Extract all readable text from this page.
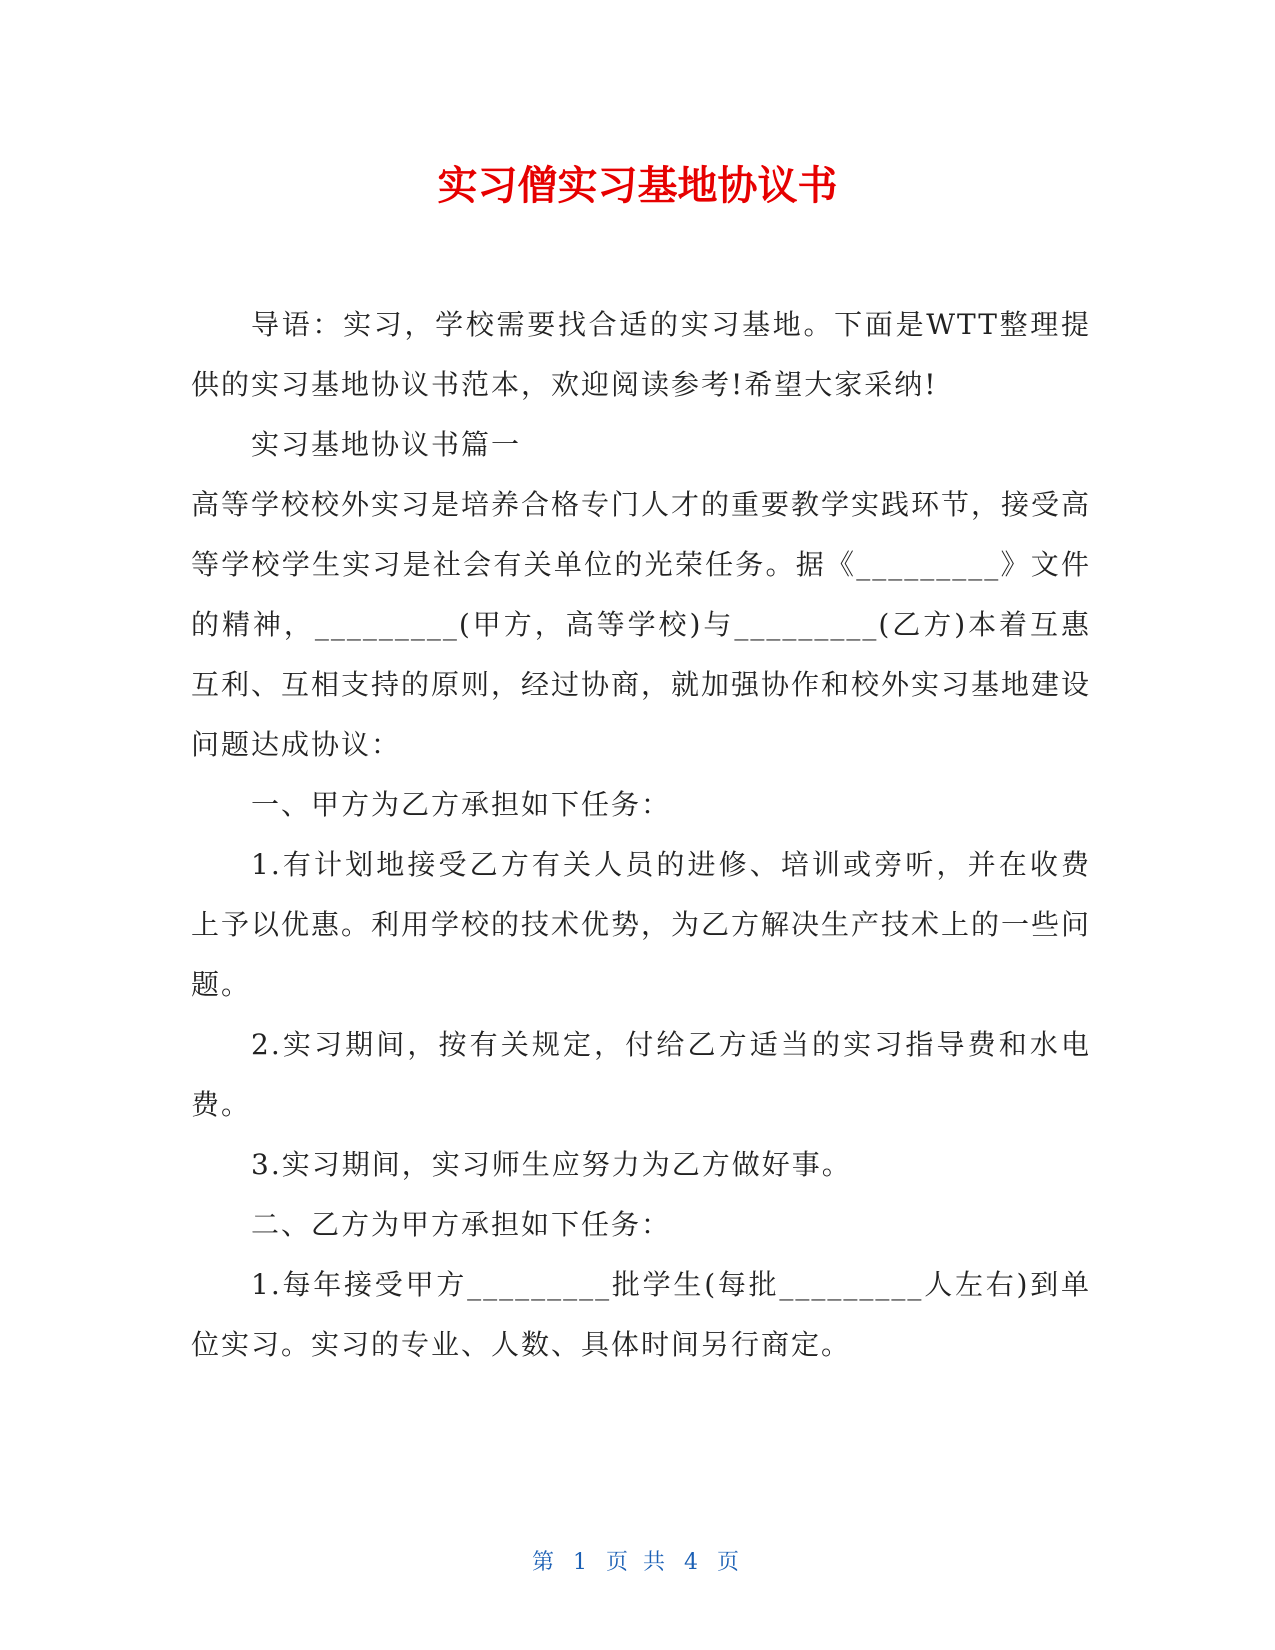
实习僧实习基地协议书

导语：实习，学校需要找合适的实习基地。下面是WTT整理提供的实习基地协议书范本，欢迎阅读参考!希望大家采纳!

实习基地协议书篇一

高等学校校外实习是培养合格专门人才的重要教学实践环节，接受高等学校学生实习是社会有关单位的光荣任务。据《_________》文件的精神，_________(甲方，高等学校)与_________(乙方)本着互惠互利、互相支持的原则，经过协商，就加强协作和校外实习基地建设问题达成协议：

一、甲方为乙方承担如下任务：

1.有计划地接受乙方有关人员的进修、培训或旁听，并在收费上予以优惠。利用学校的技术优势，为乙方解决生产技术上的一些问题。

2.实习期间，按有关规定，付给乙方适当的实习指导费和水电费。

3.实习期间，实习师生应努力为乙方做好事。

二、乙方为甲方承担如下任务：

1.每年接受甲方_________批学生(每批_________人左右)到单位实习。实习的专业、人数、具体时间另行商定。

第 1 页 共 4 页
